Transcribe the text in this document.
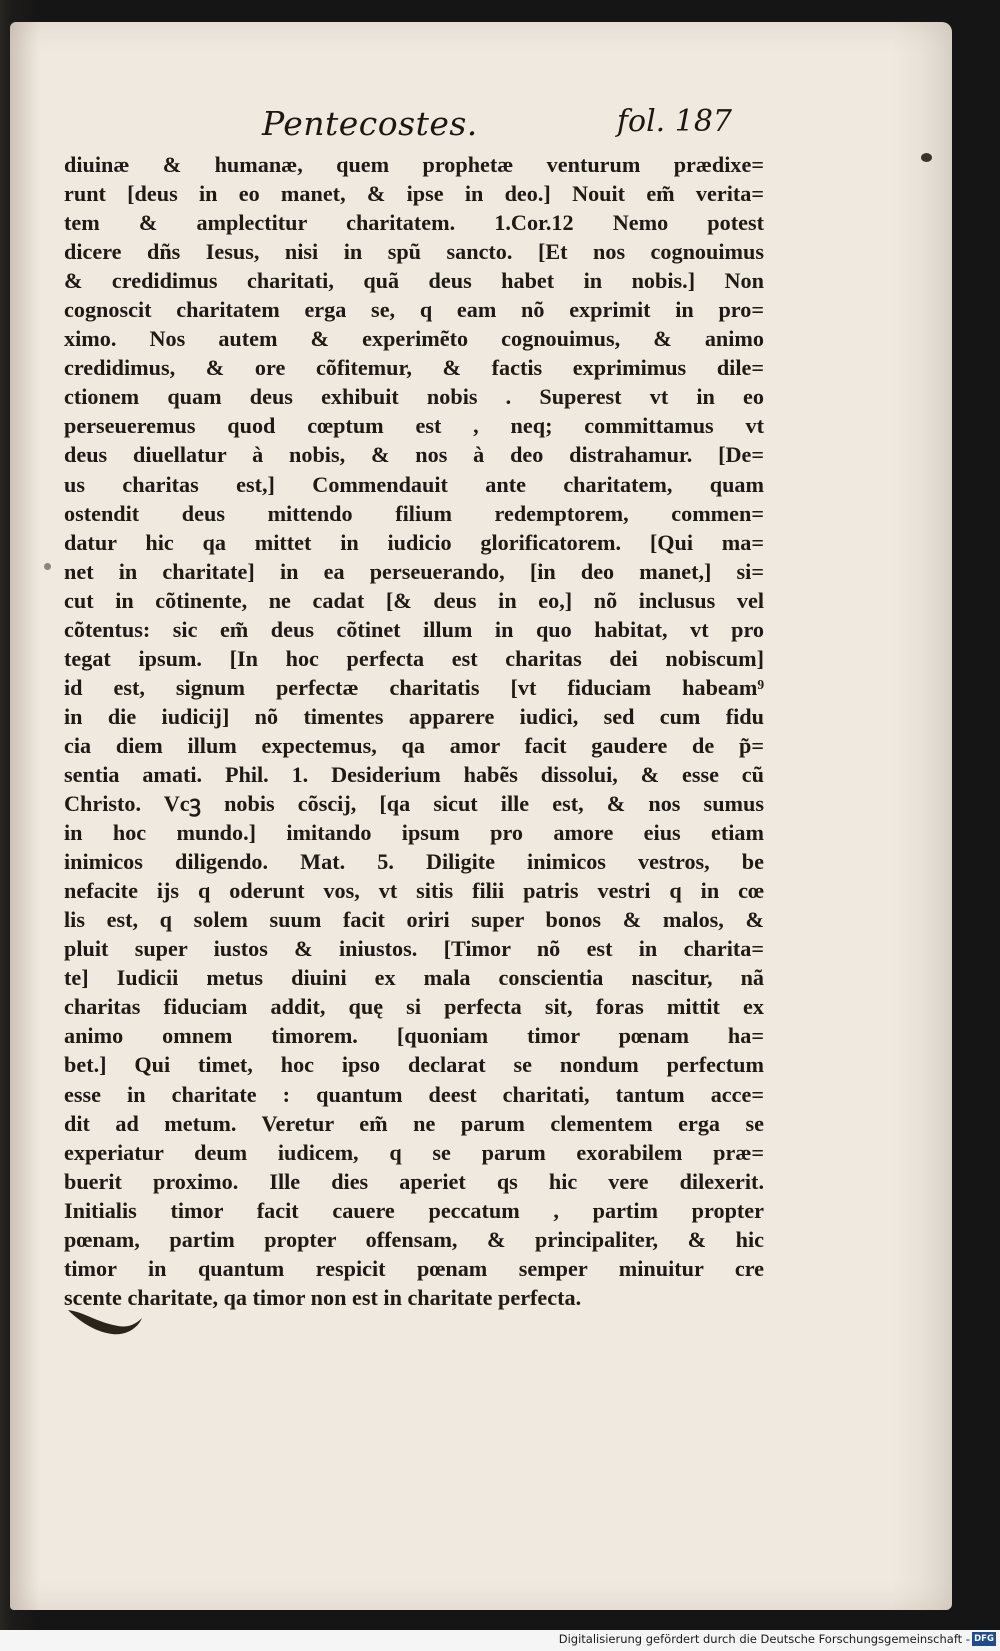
Pentecostes.	fol. 187
diuinæ & humanæ, quem prophetæ venturum prædixe=
runt [deus in eo manet, & ipse in deo.] Nouit em̃ verita=
tem & amplectitur charitatem. 1.Cor.12 Nemo potest
dicere dñs Iesus, nisi in spũ sancto. [Et nos cognouimus
& credidimus charitati, quã deus habet in nobis.] Non
cognoscit charitatem erga se, q eam nõ exprimit in pro=
ximo. Nos autem & experimẽto cognouimus, & animo
credidimus, & ore cõfitemur, & factis exprimimus dile=
ctionem quam deus exhibuit nobis . Superest vt in eo
perseueremus quod cœptum est , neq; committamus vt
deus diuellatur à nobis, & nos à deo distrahamur. [De=
us charitas est,] Commendauit ante charitatem, quam
ostendit deus mittendo filium redemptorem, commen=
datur hic qa mittet in iudicio glorificatorem. [Qui ma=
net in charitate] in ea perseuerando, [in deo manet,] si=
cut in cõtinente, ne cadat [& deus in eo,] nõ inclusus vel
cõtentus: sic em̃ deus cõtinet illum in quo habitat, vt pro
tegat ipsum. [In hoc perfecta est charitas dei nobiscum]
id est, signum perfectæ charitatis [vt fiduciam habeam⁹
in die iudicij] nõ timentes apparere iudici, sed cum fidu
cia diem illum expectemus, qa amor facit gaudere de p̃=
sentia amati. Phil. 1. Desiderium habẽs dissolui, & esse cũ
Christo. Vcꝫ nobis cõscij, [qa sicut ille est, & nos sumus
in hoc mundo.] imitando ipsum pro amore eius etiam
inimicos diligendo. Mat. 5. Diligite inimicos vestros, be
nefacite ijs q oderunt vos, vt sitis filii patris vestri q in cœ
lis est, q solem suum facit oriri super bonos & malos, &
pluit super iustos & iniustos. [Timor nõ est in charita=
te] Iudicii metus diuini ex mala conscientia nascitur, nã
charitas fiduciam addit, quę si perfecta sit, foras mittit ex
animo omnem timorem. [quoniam timor pœnam ha=
bet.] Qui timet, hoc ipso declarat se nondum perfectum
esse in charitate : quantum deest charitati, tantum acce=
dit ad metum. Veretur em̃ ne parum clementem erga se
experiatur deum iudicem, q se parum exorabilem præ=
buerit proximo. Ille dies aperiet qs hic vere dilexerit.
Initialis timor facit cauere peccatum , partim propter
pœnam, partim propter offensam, & principaliter, & hic
timor in quantum respicit pœnam semper minuitur cre
scente charitate, qa timor non est in charitate perfecta.
Digitalisierung gefördert durch die Deutsche Forschungsgemeinschaft - DFG
